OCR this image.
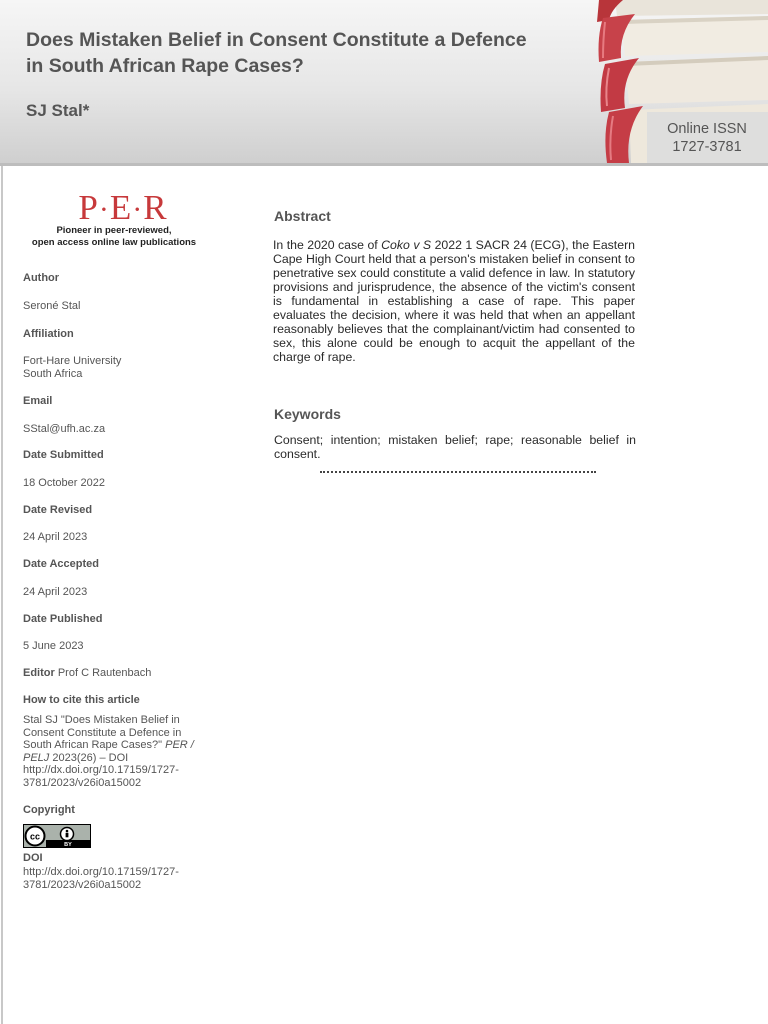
Does Mistaken Belief in Consent Constitute a Defence in South African Rape Cases?
SJ Stal*
Online ISSN
1727-3781
P·E·R
Pioneer in peer-reviewed,
open access online law publications
Author
Seroné Stal
Affiliation
Fort-Hare University
South Africa
Email
SStal@ufh.ac.za
Date Submitted
18 October 2022
Date Revised
24 April 2023
Date Accepted
24 April 2023
Date Published
5 June 2023
Editor Prof C Rautenbach
How to cite this article
Stal SJ "Does Mistaken Belief in
Consent Constitute a Defence in
South African Rape Cases?" PER /
PELJ 2023(26) – DOI
http://dx.doi.org/10.17159/1727-
3781/2023/v26i0a15002
Copyright
cc
BY
DOI
http://dx.doi.org/10.17159/1727-
3781/2023/v26i0a15002
Abstract
In the 2020 case of Coko v S 2022 1 SACR 24 (ECG), the Eastern Cape High Court held that a person's mistaken belief in consent to penetrative sex could constitute a valid defence in law. In statutory provisions and jurisprudence, the absence of the victim's consent is fundamental in establishing a case of rape. This paper evaluates the decision, where it was held that when an appellant reasonably believes that the complainant/victim had consented to sex, this alone could be enough to acquit the appellant of the charge of rape.
Keywords
Consent; intention; mistaken belief; rape; reasonable belief in consent.
